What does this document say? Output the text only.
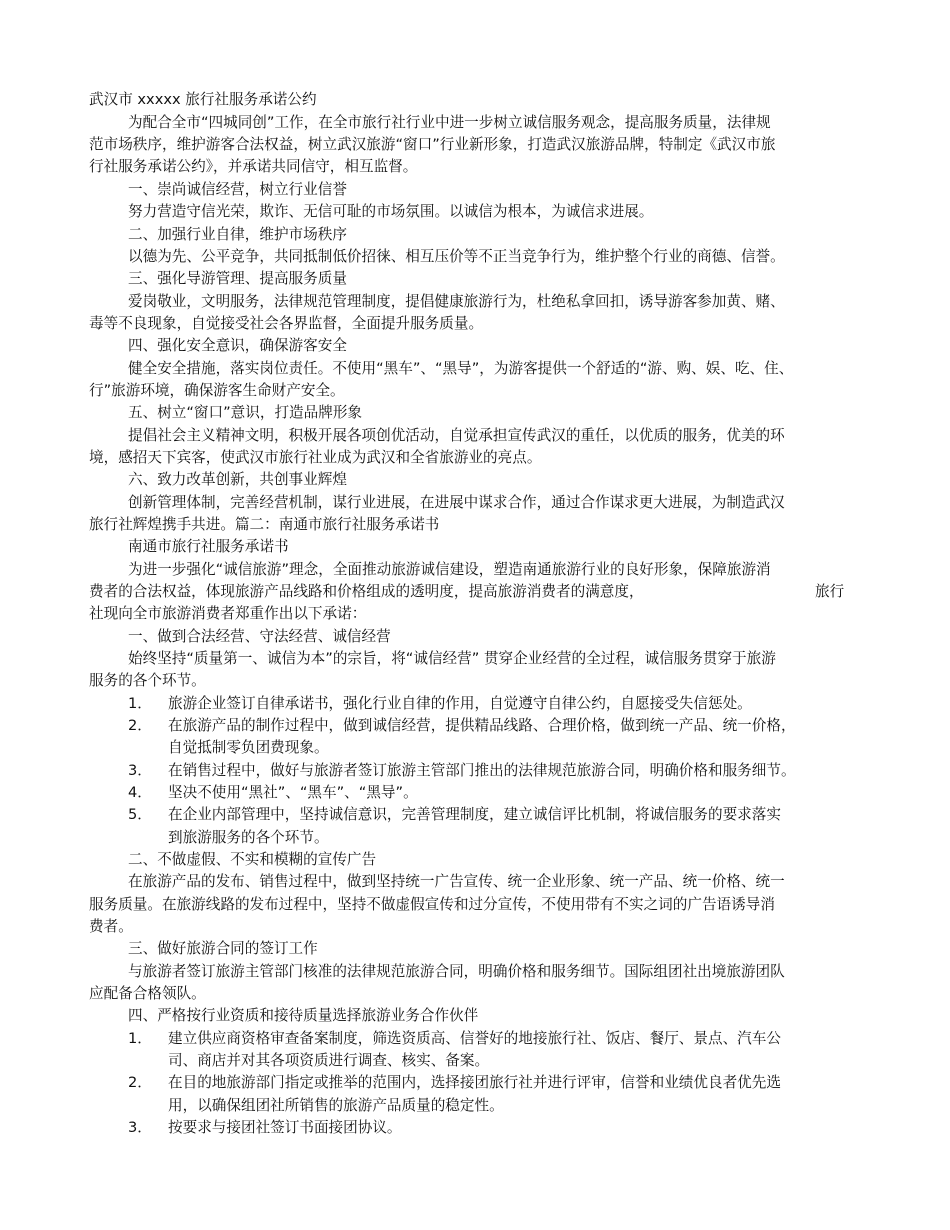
武汉市 xxxxx 旅行社服务承诺公约
为配合全市“四城同创”工作，在全市旅行社行业中进一步树立诚信服务观念，提高服务质量，法律规
范市场秩序，维护游客合法权益，树立武汉旅游“窗口”行业新形象，打造武汉旅游品牌，特制定《武汉市旅
行社服务承诺公约》，并承诺共同信守，相互监督。
一、崇尚诚信经营，树立行业信誉
努力营造守信光荣，欺诈、无信可耻的市场氛围。以诚信为根本，为诚信求进展。
二、加强行业自律，维护市场秩序
以德为先、公平竞争，共同抵制低价招徕、相互压价等不正当竞争行为，维护整个行业的商德、信誉。
三、强化导游管理、提高服务质量
爱岗敬业，文明服务，法律规范管理制度，提倡健康旅游行为，杜绝私拿回扣，诱导游客参加黄、赌、
毒等不良现象，自觉接受社会各界监督，全面提升服务质量。
四、强化安全意识，确保游客安全
健全安全措施，落实岗位责任。不使用“黑车”、“黑导”，为游客提供一个舒适的“游、购、娱、吃、住、
行”旅游环境，确保游客生命财产安全。
五、树立“窗口”意识，打造品牌形象
提倡社会主义精神文明，积极开展各项创优活动，自觉承担宣传武汉的重任，以优质的服务，优美的环
境，感招天下宾客，使武汉市旅行社业成为武汉和全省旅游业的亮点。
六、致力改革创新，共创事业辉煌
创新管理体制，完善经营机制，谋行业进展，在进展中谋求合作，通过合作谋求更大进展，为制造武汉
旅行社辉煌携手共进。篇二：南通市旅行社服务承诺书
南通市旅行社服务承诺书
为进一步强化“诚信旅游”理念，全面推动旅游诚信建设，塑造南通旅游行业的良好形象，保障旅游消
费者的合法权益，体现旅游产品线路和价格组成的透明度，提高旅游消费者的满意度，	旅行
社现向全市旅游消费者郑重作出以下承诺：
一、做到合法经营、守法经营、诚信经营
始终坚持“质量第一、诚信为本”的宗旨，将“诚信经营” 贯穿企业经营的全过程，诚信服务贯穿于旅游
服务的各个环节。
1． 旅游企业签订自律承诺书，强化行业自律的作用，自觉遵守自律公约，自愿接受失信惩处。
2． 在旅游产品的制作过程中，做到诚信经营，提供精品线路、合理价格，做到统一产品、统一价格，
自觉抵制零负团费现象。
3． 在销售过程中，做好与旅游者签订旅游主管部门推出的法律规范旅游合同，明确价格和服务细节。
4． 坚决不使用“黑社”、“黑车”、“黑导”。
5． 在企业内部管理中，坚持诚信意识，完善管理制度，建立诚信评比机制，将诚信服务的要求落实
到旅游服务的各个环节。
二、不做虚假、不实和模糊的宣传广告
在旅游产品的发布、销售过程中，做到坚持统一广告宣传、统一企业形象、统一产品、统一价格、统一
服务质量。在旅游线路的发布过程中，坚持不做虚假宣传和过分宣传，不使用带有不实之词的广告语诱导消
费者。
三、做好旅游合同的签订工作
与旅游者签订旅游主管部门核准的法律规范旅游合同，明确价格和服务细节。国际组团社出境旅游团队
应配备合格领队。
四、严格按行业资质和接待质量选择旅游业务合作伙伴
1． 建立供应商资格审查备案制度，筛选资质高、信誉好的地接旅行社、饭店、餐厅、景点、汽车公
司、商店并对其各项资质进行调查、核实、备案。
2． 在目的地旅游部门指定或推举的范围内，选择接团旅行社并进行评审，信誉和业绩优良者优先选
用，以确保组团社所销售的旅游产品质量的稳定性。
3． 按要求与接团社签订书面接团协议。
